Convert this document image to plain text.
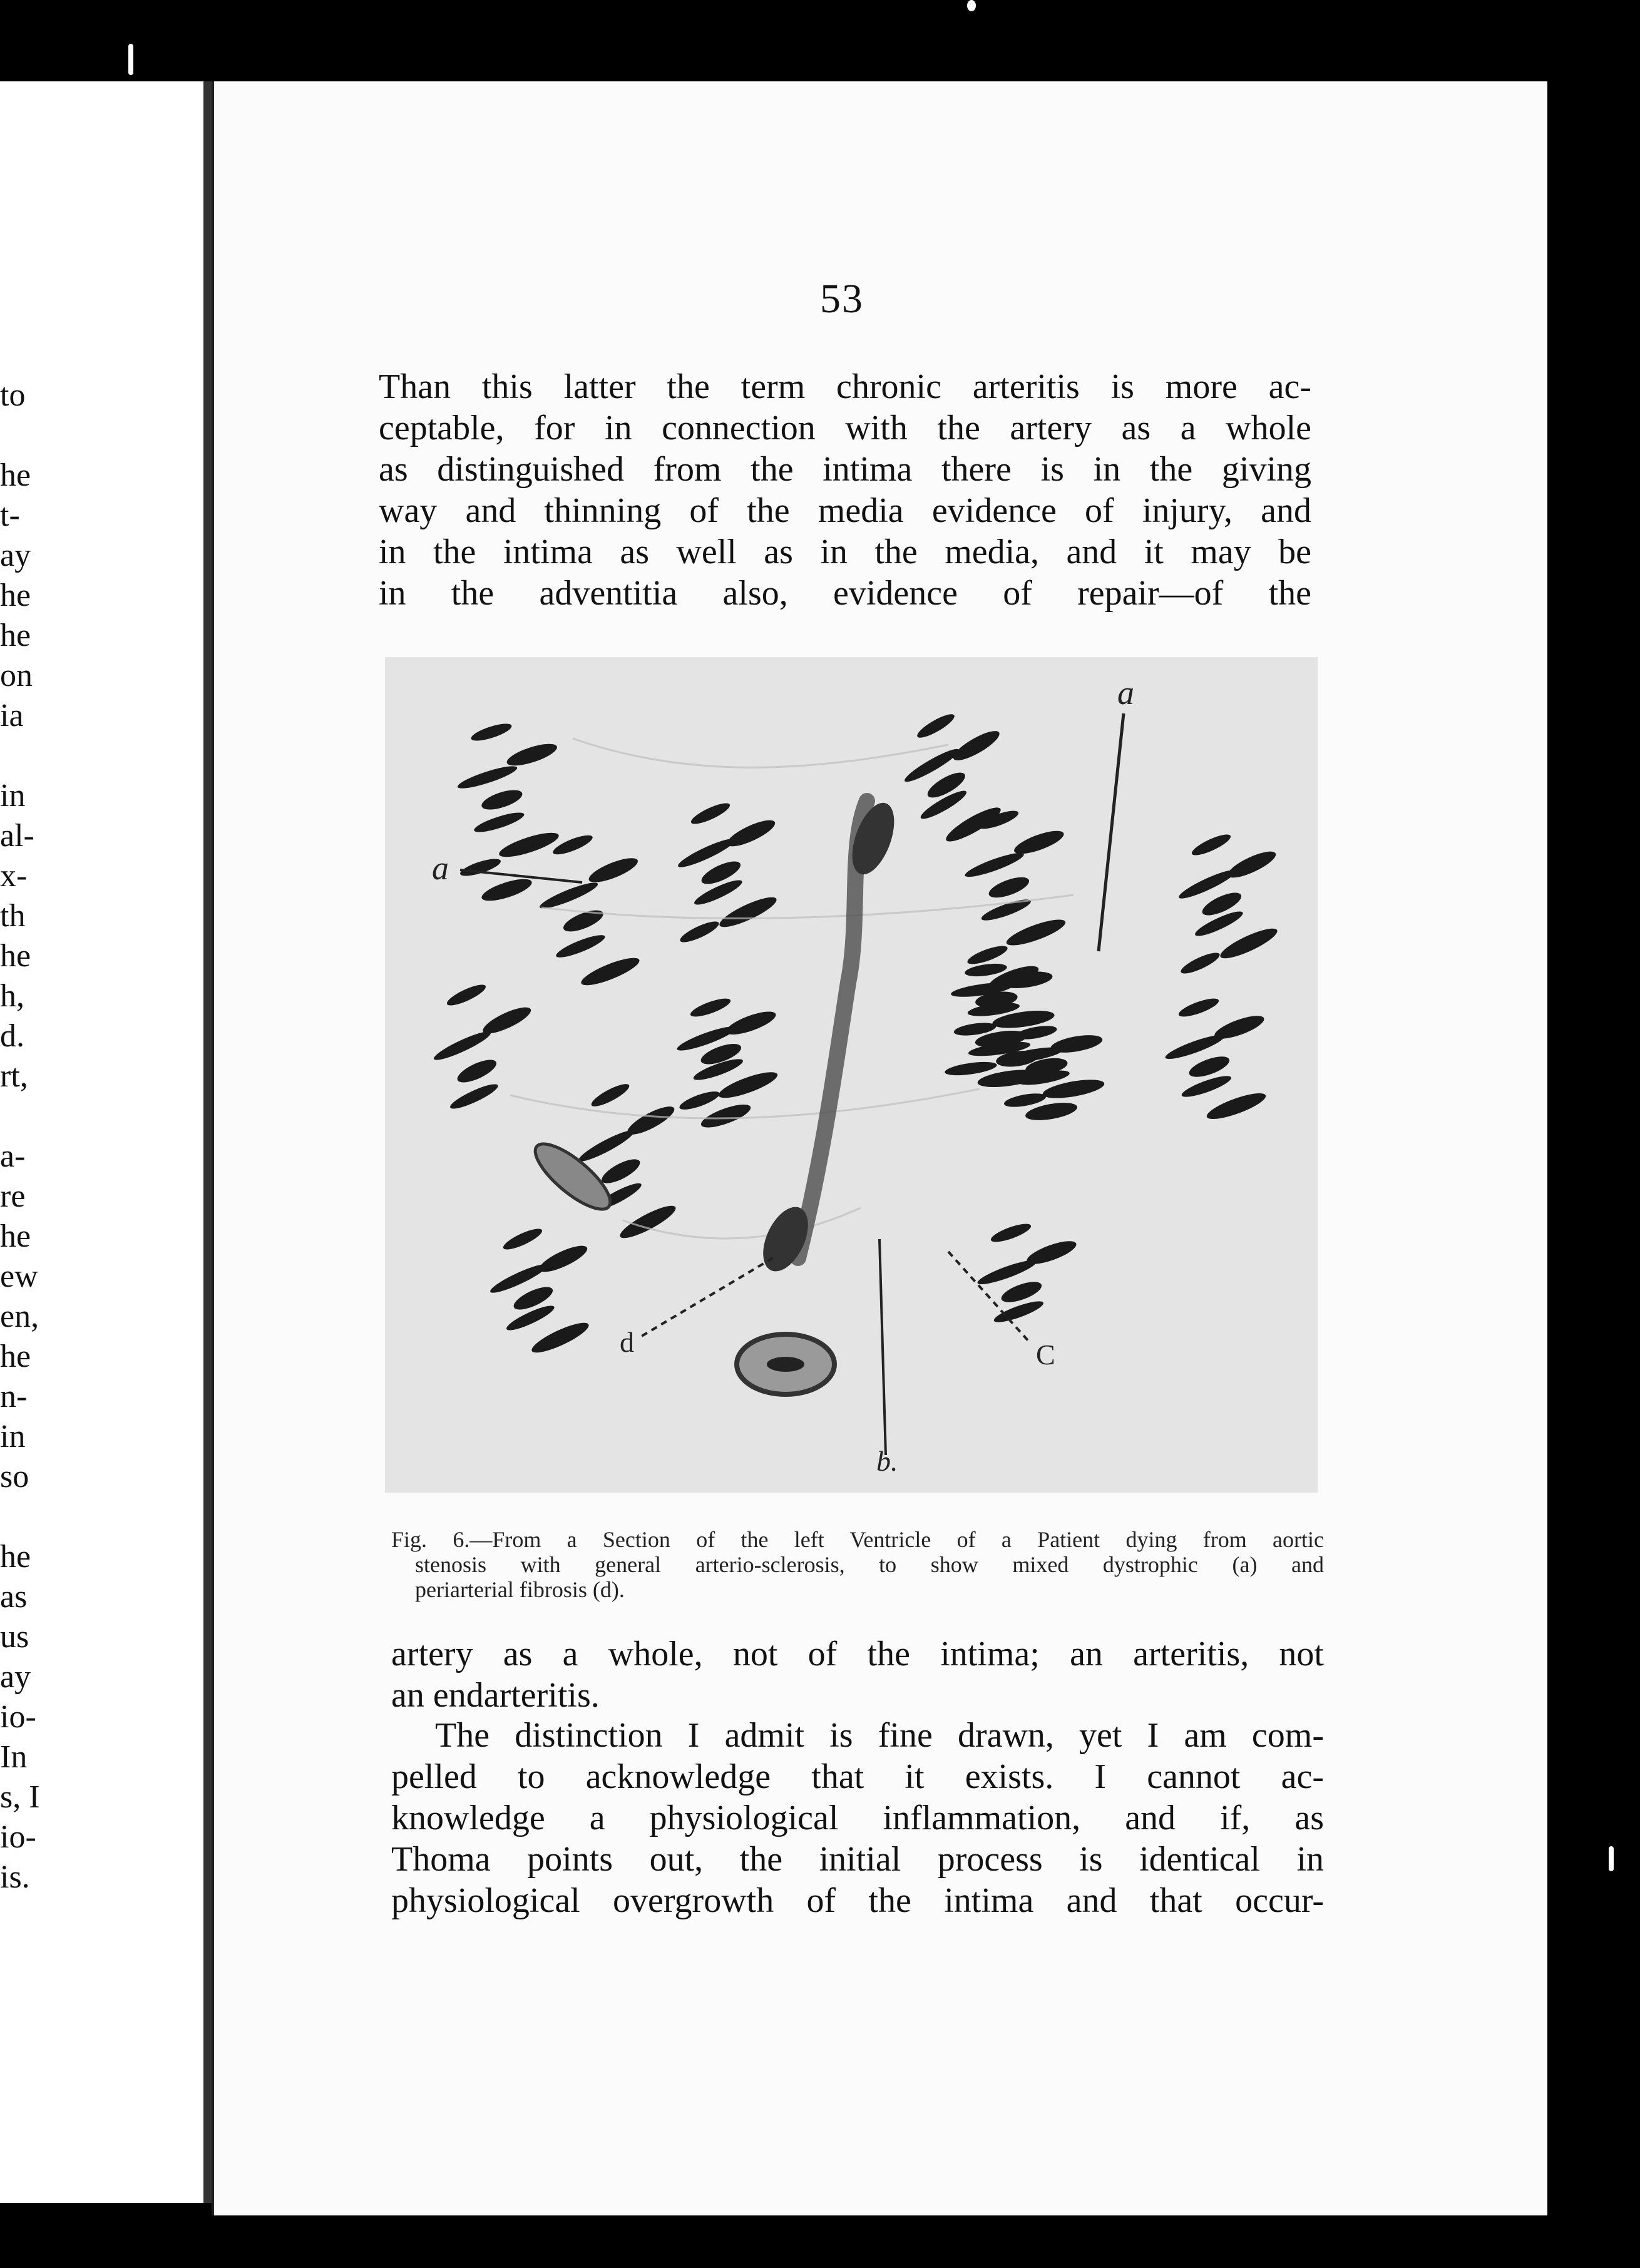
to
he
t-
ay
he
he
on
ia
in
al-
x-
th
he
h,
d.
rt,
a-
re
he
ew
en,
he
n-
in
so
he
as
us
ay
io-
In
s, I
io-
is.
53
Than this latter the term chronic arteritis is more ac-
ceptable, for in connection with the artery as a whole
as distinguished from the intima there is in the giving
way and thinning of the media evidence of injury, and
in the intima as well as in the media, and it may be
in the adventitia also, evidence of repair—of the
a
a
b.
C
d
Fig. 6.—From a Section of the left Ventricle of a Patient dying from aortic
stenosis with general arterio-sclerosis, to show mixed dystrophic (a) and
periarterial fibrosis (d).
artery as a whole, not of the intima; an arteritis, not
an endarteritis.
The distinction I admit is fine drawn, yet I am com-
pelled to acknowledge that it exists. I cannot ac-
knowledge a physiological inflammation, and if, as
Thoma points out, the initial process is identical in
physiological overgrowth of the intima and that occur-
